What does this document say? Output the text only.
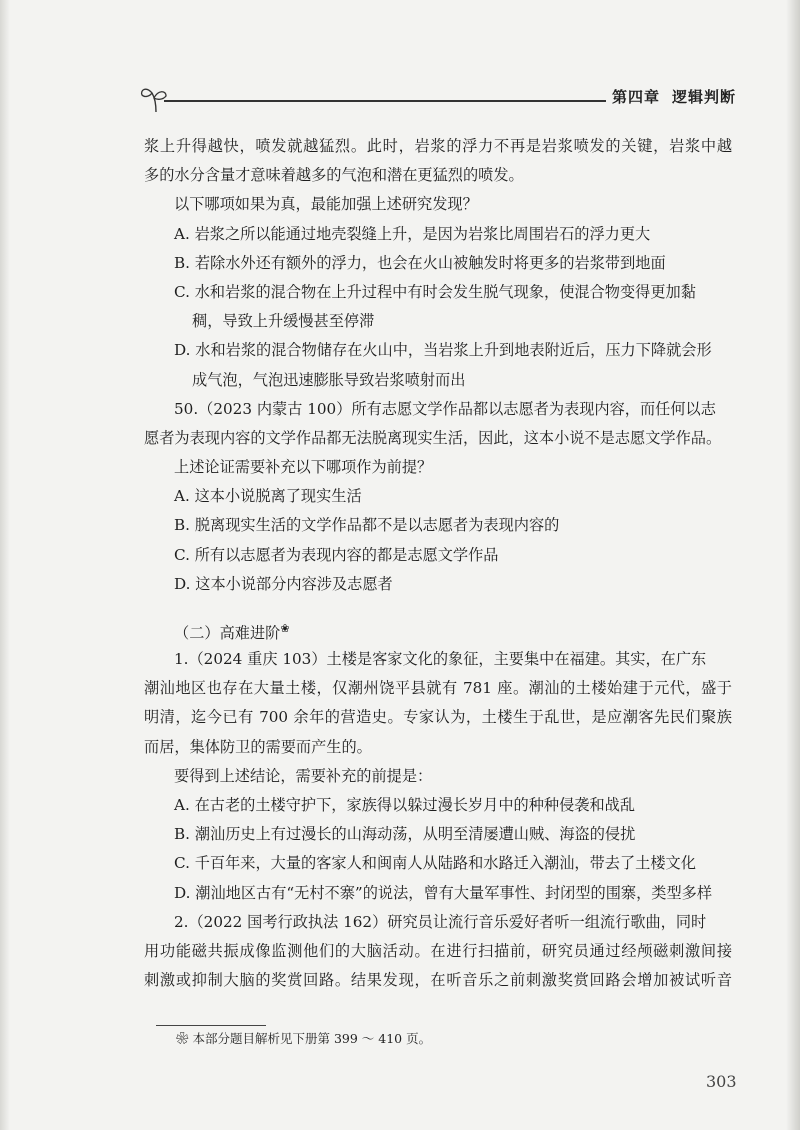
第四章 逻辑判断
浆上升得越快，喷发就越猛烈。此时，岩浆的浮力不再是岩浆喷发的关键，岩浆中越
多的水分含量才意味着越多的气泡和潜在更猛烈的喷发。
以下哪项如果为真，最能加强上述研究发现？
A. 岩浆之所以能通过地壳裂缝上升，是因为岩浆比周围岩石的浮力更大
B. 若除水外还有额外的浮力，也会在火山被触发时将更多的岩浆带到地面
C. 水和岩浆的混合物在上升过程中有时会发生脱气现象，使混合物变得更加黏
稠，导致上升缓慢甚至停滞
D. 水和岩浆的混合物储存在火山中，当岩浆上升到地表附近后，压力下降就会形
成气泡，气泡迅速膨胀导致岩浆喷射而出
50.（2023 内蒙古 100）所有志愿文学作品都以志愿者为表现内容，而任何以志
愿者为表现内容的文学作品都无法脱离现实生活，因此，这本小说不是志愿文学作品。
上述论证需要补充以下哪项作为前提？
A. 这本小说脱离了现实生活
B. 脱离现实生活的文学作品都不是以志愿者为表现内容的
C. 所有以志愿者为表现内容的都是志愿文学作品
D. 这本小说部分内容涉及志愿者
（二）高难进阶❀
1.（2024 重庆 103）土楼是客家文化的象征，主要集中在福建。其实，在广东
潮汕地区也存在大量土楼，仅潮州饶平县就有 781 座。潮汕的土楼始建于元代，盛于
明清，迄今已有 700 余年的营造史。专家认为，土楼生于乱世，是应潮客先民们聚族
而居，集体防卫的需要而产生的。
要得到上述结论，需要补充的前提是：
A. 在古老的土楼守护下，家族得以躲过漫长岁月中的种种侵袭和战乱
B. 潮汕历史上有过漫长的山海动荡，从明至清屡遭山贼、海盗的侵扰
C. 千百年来，大量的客家人和闽南人从陆路和水路迁入潮汕，带去了土楼文化
D. 潮汕地区古有“无村不寨”的说法，曾有大量军事性、封闭型的围寨，类型多样
2.（2022 国考行政执法 162）研究员让流行音乐爱好者听一组流行歌曲，同时
用功能磁共振成像监测他们的大脑活动。在进行扫描前，研究员通过经颅磁刺激间接
刺激或抑制大脑的奖赏回路。结果发现，在听音乐之前刺激奖赏回路会增加被试听音
❀ 本部分题目解析见下册第 399 ～ 410 页。
303
